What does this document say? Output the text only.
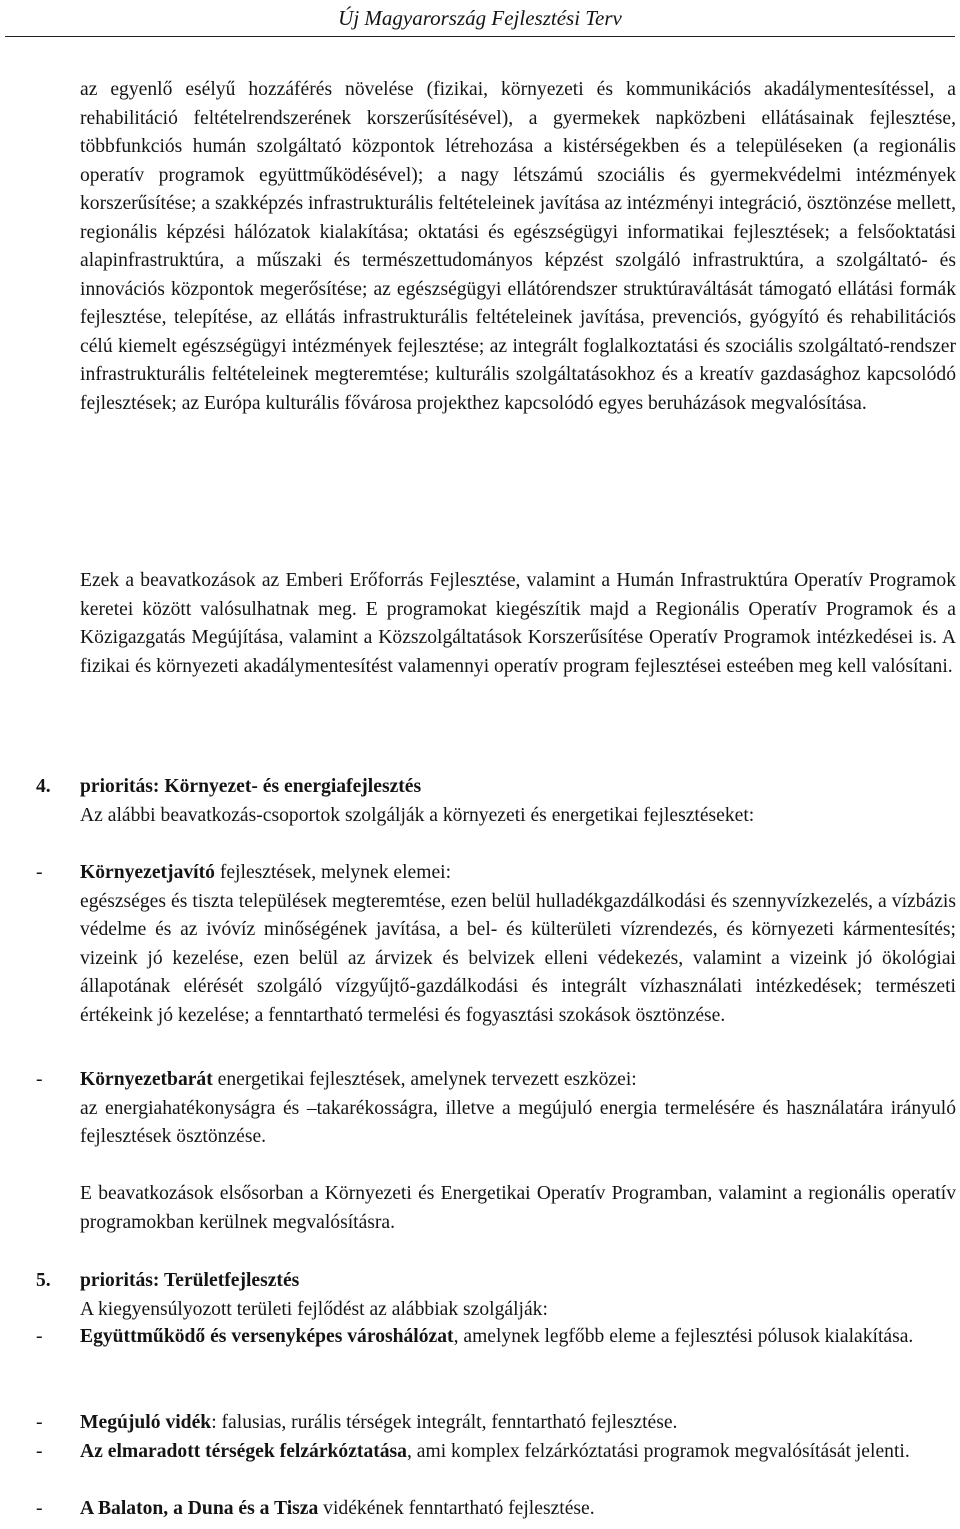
Új Magyarország Fejlesztési Terv

az egyenlő esélyű hozzáférés növelése (fizikai, környezeti és kommunikációs akadálymentesítéssel, a rehabilitáció feltételrendszerének korszerűsítésével), a gyermekek napközbeni ellátásainak fejlesztése, többfunkciós humán szolgáltató központok létrehozása a kistérségekben és a településeken (a regionális operatív programok együttműködésével); a nagy létszámú szociális és gyermekvédelmi intézmények korszerűsítése; a szakképzés infrastrukturális feltételeinek javítása az intézményi integráció, ösztönzése mellett, regionális képzési hálózatok kialakítása; oktatási és egészségügyi informatikai fejlesztések; a felsőoktatási alapinfrastruktúra, a műszaki és természettudományos képzést szolgáló infrastruktúra, a szolgáltató- és innovációs központok megerősítése; az egészségügyi ellátórendszer struktúraváltását támogató ellátási formák fejlesztése, telepítése, az ellátás infrastrukturális feltételeinek javítása, prevenciós, gyógyító és rehabilitációs célú kiemelt egészségügyi intézmények fejlesztése; az integrált foglalkoztatási és szociális szolgáltató-rendszer infrastrukturális feltételeinek megteremtése; kulturális szolgáltatásokhoz és a kreatív gazdasághoz kapcsolódó fejlesztések; az Európa kulturális fővárosa projekthez kapcsolódó egyes beruházások megvalósítása.

Ezek a beavatkozások az Emberi Erőforrás Fejlesztése, valamint a Humán Infrastruktúra Operatív Programok keretei között valósulhatnak meg. E programokat kiegészítik majd a Regionális Operatív Programok és a Közigazgatás Megújítása, valamint a Közszolgáltatások Korszerűsítése Operatív Programok intézkedései is. A fizikai és környezeti akadálymentesítést valamennyi operatív program fejlesztései esteében meg kell valósítani.

4. prioritás: Környezet- és energiafejlesztés
Az alábbi beavatkozás-csoportok szolgálják a környezeti és energetikai fejlesztéseket:
-	Környezetjavító fejlesztések, melynek elemei:
egészséges és tiszta települések megteremtése, ezen belül hulladékgazdálkodási és szennyvízkezelés, a vízbázis védelme és az ivóvíz minőségének javítása, a bel- és külterületi vízrendezés, és környezeti kármentesítés; vizeink jó kezelése, ezen belül az árvizek és belvizek elleni védekezés, valamint a vizeink jó ökológiai állapotának elérését szolgáló vízgyűjtő-gazdálkodási és integrált vízhasználati intézkedések; természeti értékeink jó kezelése; a fenntartható termelési és fogyasztási szokások ösztönzése.
-	Környezetbarát energetikai fejlesztések, amelynek tervezett eszközei:
az energiahatékonyságra és –takarékosságra, illetve a megújuló energia termelésére és használatára irányuló fejlesztések ösztönzése.

E beavatkozások elsősorban a Környezeti és Energetikai Operatív Programban, valamint a regionális operatív programokban kerülnek megvalósításra.

5. prioritás: Területfejlesztés
A kiegyensúlyozott területi fejlődést az alábbiak szolgálják:
-	Együttműködő és versenyképes városhálózat, amelynek legfőbb eleme a fejlesztési pólusok kialakítása.
-	Megújuló vidék: falusias, rurális térségek integrált, fenntartható fejlesztése.
-	Az elmaradott térségek felzárkóztatása, ami komplex felzárkóztatási programok megvalósítását jelenti.
-	A Balaton, a Duna és a Tisza vidékének fenntartható fejlesztése.
